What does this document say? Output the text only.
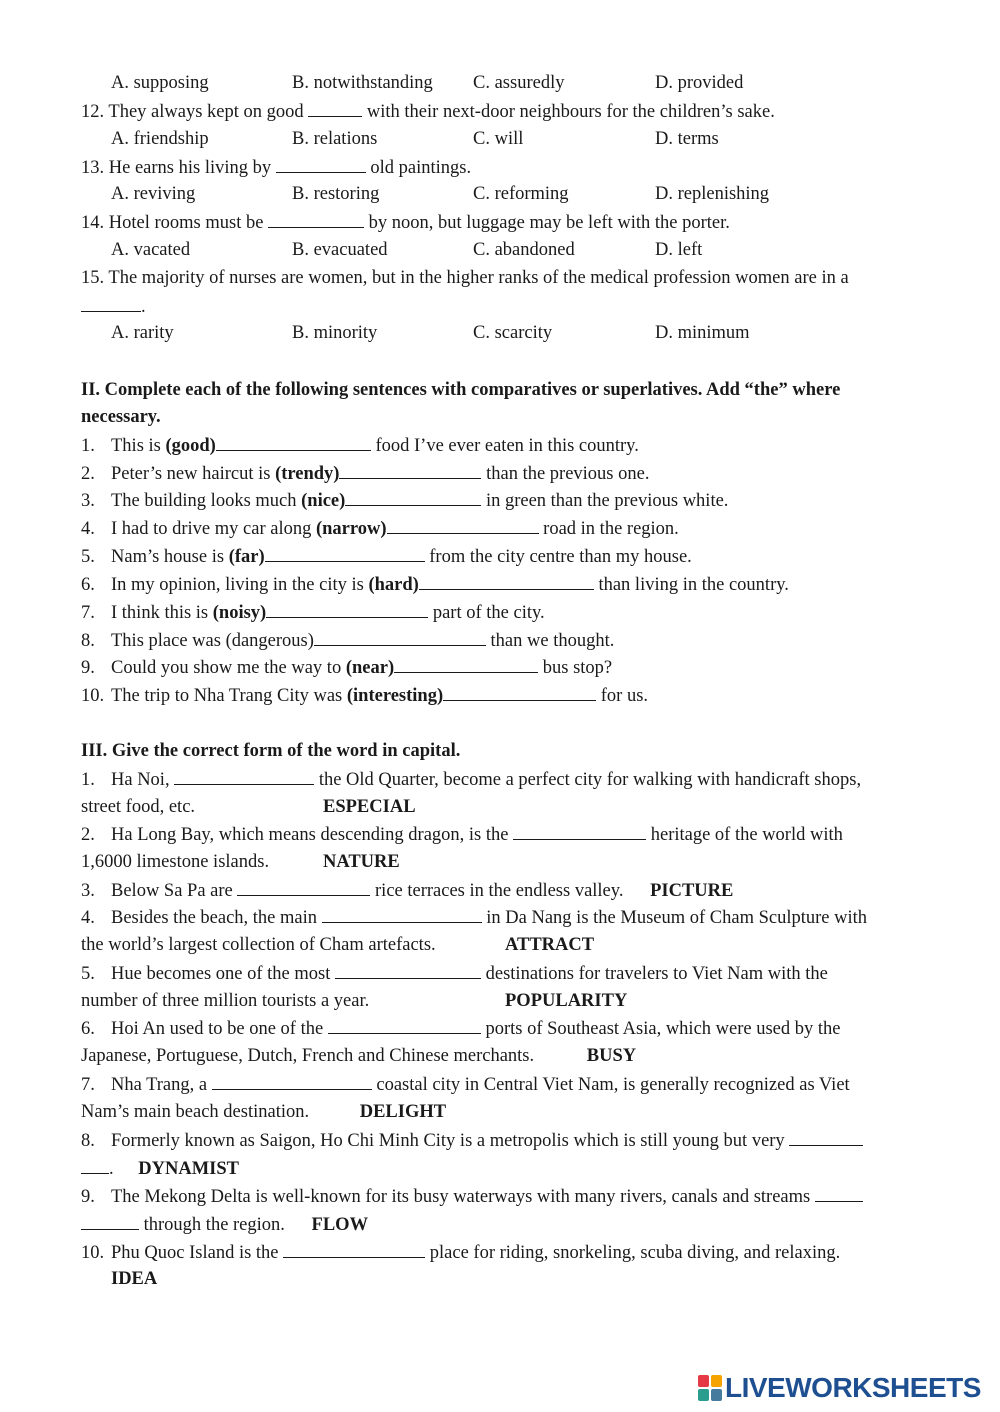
A. supposing	B. notwithstanding C. assuredly	D. provided
12. They always kept on good	with their next-door neighbours for the children’s sake.
A. friendship	B. relations	C. will	D. terms
13. He earns his living by	old paintings.
A. reviving	B. restoring	C. reforming	D. replenishing
14. Hotel rooms must be	by noon, but luggage may be left with the porter.
A. vacated	B. evacuated	C. abandoned	D. left
15. The majority of nurses are women, but in the higher ranks of the medical profession women are in a
.
A. rarity	B. minority	C. scarcity	D. minimum
II. Complete each of the following sentences with comparatives or superlatives. Add “the” where
necessary.
1. This is (good)	food I’ve ever eaten in this country.
2. Peter’s new haircut is (trendy)	than the previous one.
3. The building looks much (nice)	in green than the previous white.
4. I had to drive my car along (narrow)	road in the region.
5. Nam’s house is (far)	from the city centre than my house.
6. In my opinion, living in the city is (hard)	than living in the country.
7. I think this is (noisy)	part of the city.
8. This place was (dangerous)	than we thought.
9. Could you show me the way to (near)	bus stop?
10. The trip to Nha Trang City was (interesting)	for us.
III. Give the correct form of the word in capital.
1. Ha Noi,	the Old Quarter, become a perfect city for walking with handicraft shops,
street food, etc.	ESPECIAL
2. Ha Long Bay, which means descending dragon, is the	heritage of the world with
1,6000 limestone islands.	NATURE
3. Below Sa Pa are	rice terraces in the endless valley. PICTURE
4. Besides the beach, the main	in Da Nang is the Museum of Cham Sculpture with
the world’s largest collection of Cham artefacts.	ATTRACT
5. Hue becomes one of the most	destinations for travelers to Viet Nam with the
number of three million tourists a year.	POPULARITY
6. Hoi An used to be one of the	ports of Southeast Asia, which were used by the
Japanese, Portuguese, Dutch, French and Chinese merchants.	BUSY
7. Nha Trang, a	coastal city in Central Viet Nam, is generally recognized as Viet
Nam’s main beach destination.	DELIGHT
8. Formerly known as Saigon, Ho Chi Minh City is a metropolis which is still young but very
. DYNAMIST
9. The Mekong Delta is well-known for its busy waterways with many rivers, canals and streams
through the region. FLOW
10. Phu Quoc Island is the	place for riding, snorkeling, scuba diving, and relaxing.
IDEA
LIVEWORKSHEETS
